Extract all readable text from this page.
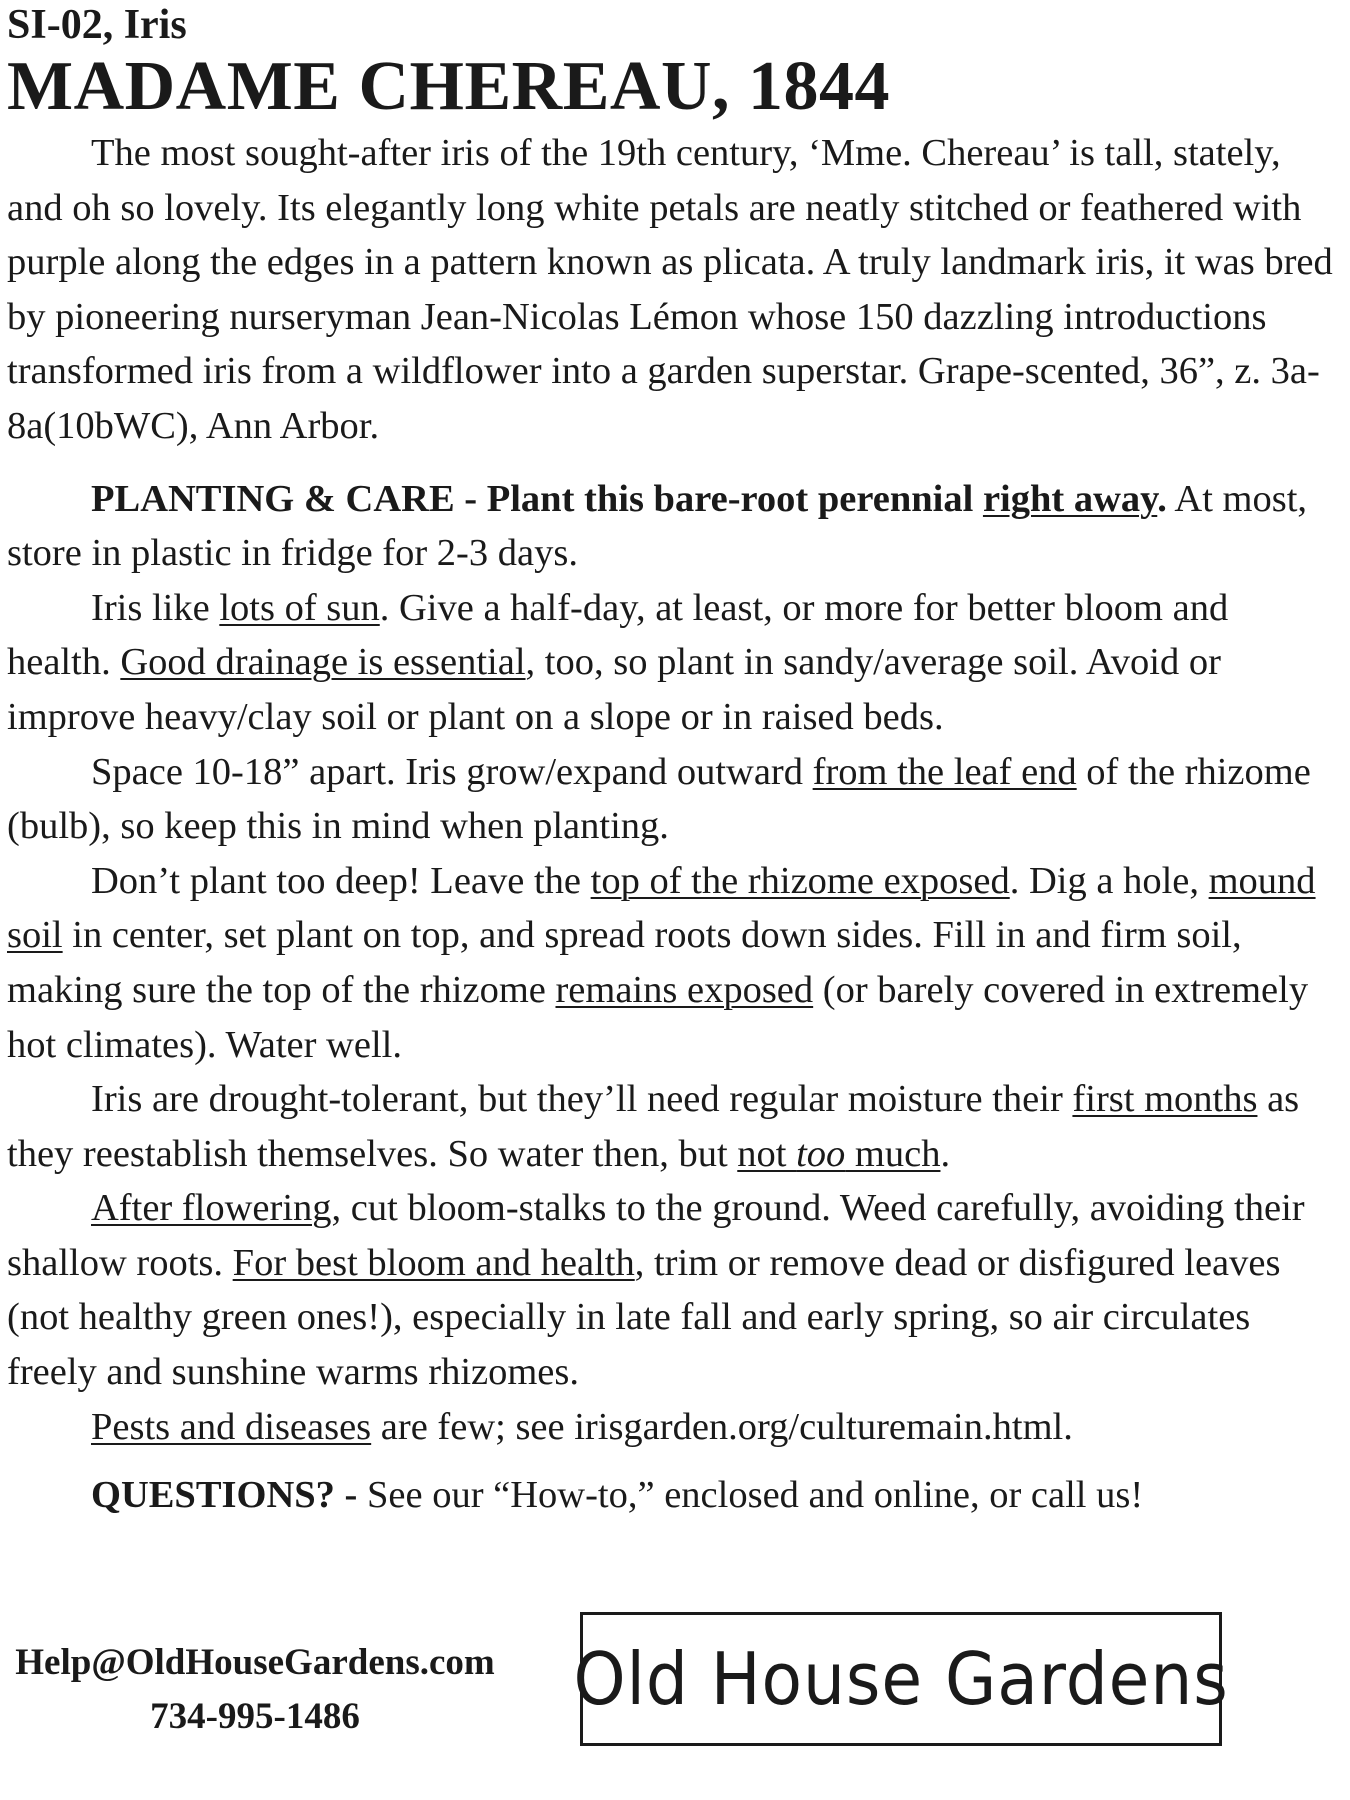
SI-02, Iris
MADAME CHEREAU, 1844

The most sought-after iris of the 19th century, ‘Mme. Chereau’ is tall, stately, and oh so lovely. Its elegantly long white petals are neatly stitched or feathered with purple along the edges in a pattern known as plicata. A truly landmark iris, it was bred by pioneering nurseryman Jean-Nicolas Lémon whose 150 dazzling introductions transformed iris from a wildflower into a garden superstar. Grape-scented, 36”, z. 3a-8a(10bWC), Ann Arbor.

PLANTING & CARE - Plant this bare-root perennial right away. At most, store in plastic in fridge for 2-3 days.

Iris like lots of sun. Give a half-day, at least, or more for better bloom and health. Good drainage is essential, too, so plant in sandy/average soil. Avoid or improve heavy/clay soil or plant on a slope or in raised beds.

Space 10-18” apart. Iris grow/expand outward from the leaf end of the rhizome (bulb), so keep this in mind when planting.

Don’t plant too deep! Leave the top of the rhizome exposed. Dig a hole, mound soil in center, set plant on top, and spread roots down sides. Fill in and firm soil, making sure the top of the rhizome remains exposed (or barely covered in extremely hot climates). Water well.

Iris are drought-tolerant, but they’ll need regular moisture their first months as they reestablish themselves. So water then, but not too much.

After flowering, cut bloom-stalks to the ground. Weed carefully, avoiding their shallow roots. For best bloom and health, trim or remove dead or disfigured leaves (not healthy green ones!), especially in late fall and early spring, so air circulates freely and sunshine warms rhizomes.

Pests and diseases are few; see irisgarden.org/culturemain.html.

QUESTIONS? - See our “How-to,” enclosed and online, or call us!

Help@OldHouseGardens.com
734-995-1486	Old House Gardens
